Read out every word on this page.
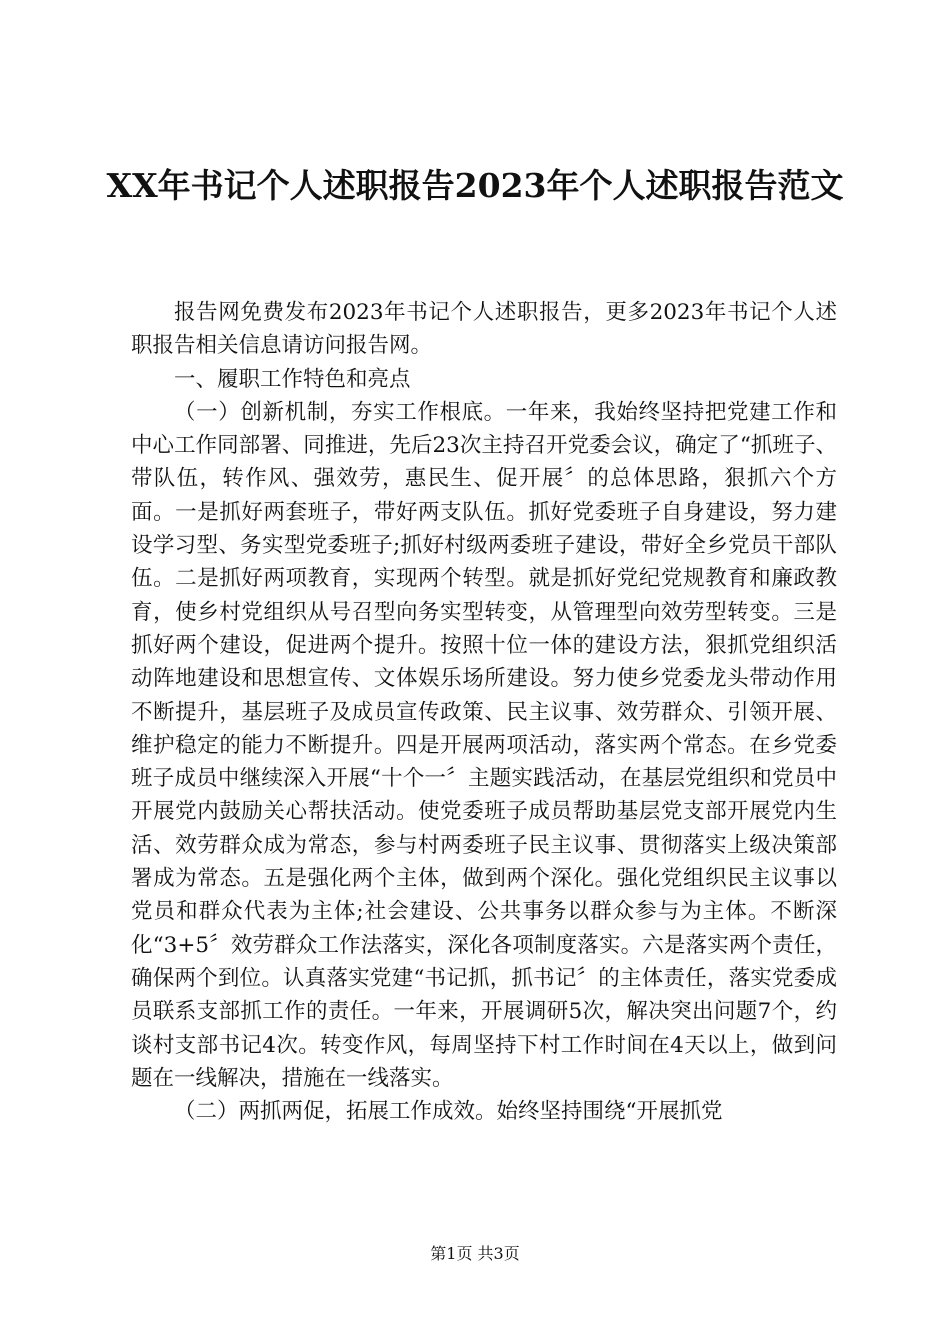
XX年书记个人述职报告2023年个人述职报告范文

报告网免费发布2023年书记个人述职报告，更多2023年书记个人述职报告相关信息请访问报告网。

一、履职工作特色和亮点

（一）创新机制，夯实工作根底。一年来，我始终坚持把党建工作和中心工作同部署、同推进，先后23次主持召开党委会议，确定了“抓班子、带队伍，转作风、强效劳，惠民生、促开展〞的总体思路，狠抓六个方面。一是抓好两套班子，带好两支队伍。抓好党委班子自身建设，努力建设学习型、务实型党委班子;抓好村级两委班子建设，带好全乡党员干部队伍。二是抓好两项教育，实现两个转型。就是抓好党纪党规教育和廉政教育，使乡村党组织从号召型向务实型转变，从管理型向效劳型转变。三是抓好两个建设，促进两个提升。按照十位一体的建设方法，狠抓党组织活动阵地建设和思想宣传、文体娱乐场所建设。努力使乡党委龙头带动作用不断提升，基层班子及成员宣传政策、民主议事、效劳群众、引领开展、维护稳定的能力不断提升。四是开展两项活动，落实两个常态。在乡党委班子成员中继续深入开展“十个一〞主题实践活动，在基层党组织和党员中开展党内鼓励关心帮扶活动。使党委班子成员帮助基层党支部开展党内生活、效劳群众成为常态，参与村两委班子民主议事、贯彻落实上级决策部署成为常态。五是强化两个主体，做到两个深化。强化党组织民主议事以党员和群众代表为主体;社会建设、公共事务以群众参与为主体。不断深化“3+5〞效劳群众工作法落实，深化各项制度落实。六是落实两个责任，确保两个到位。认真落实党建“书记抓，抓书记〞的主体责任，落实党委成员联系支部抓工作的责任。一年来，开展调研5次，解决突出问题7个，约谈村支部书记4次。转变作风，每周坚持下村工作时间在4天以上，做到问题在一线解决，措施在一线落实。

（二）两抓两促，拓展工作成效。始终坚持围绕“开展抓党

第1页 共3页
